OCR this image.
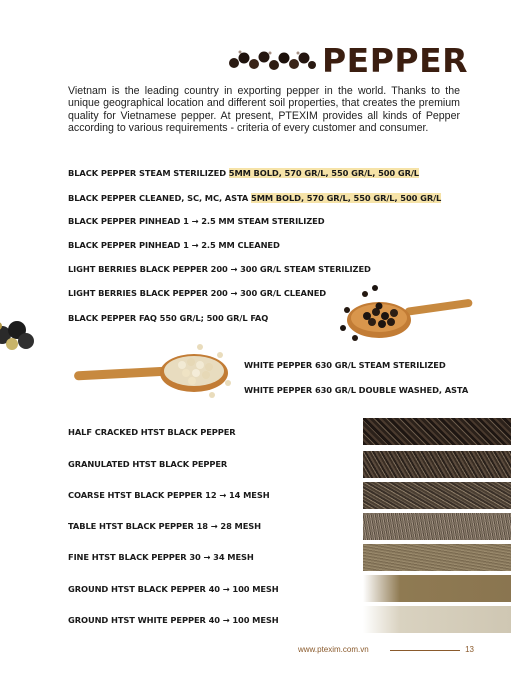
PEPPER

Vietnam is the leading country in exporting pepper in the world. Thanks to the unique geographical location and different soil properties, that creates the premium quality for Vietnamese pepper. At present, PTEXIM provides all kinds of Pepper according to various requirements - criteria of every customer and consumer.

BLACK PEPPER STEAM STERILIZED 5MM BOLD, 570 GR/L, 550 GR/L, 500 GR/L
BLACK PEPPER CLEANED, SC, MC, ASTA 5MM BOLD, 570 GR/L, 550 GR/L, 500 GR/L
BLACK PEPPER PINHEAD 1 → 2.5 MM STEAM STERILIZED
BLACK PEPPER PINHEAD 1 → 2.5 MM CLEANED
LIGHT BERRIES BLACK PEPPER 200 → 300 GR/L STEAM STERILIZED
LIGHT BERRIES BLACK PEPPER 200 → 300 GR/L CLEANED
BLACK PEPPER FAQ 550 GR/L; 500 GR/L FAQ
WHITE PEPPER 630 GR/L STEAM STERILIZED
WHITE PEPPER 630 GR/L DOUBLE WASHED, ASTA
HALF CRACKED HTST BLACK PEPPER
GRANULATED HTST BLACK PEPPER
COARSE HTST BLACK PEPPER 12 → 14 MESH
TABLE HTST BLACK PEPPER 18 → 28 MESH
FINE HTST BLACK PEPPER 30 → 34 MESH
GROUND HTST BLACK PEPPER 40 → 100 MESH
GROUND HTST WHITE PEPPER 40 → 100 MESH
www.ptexim.com.vn	13
